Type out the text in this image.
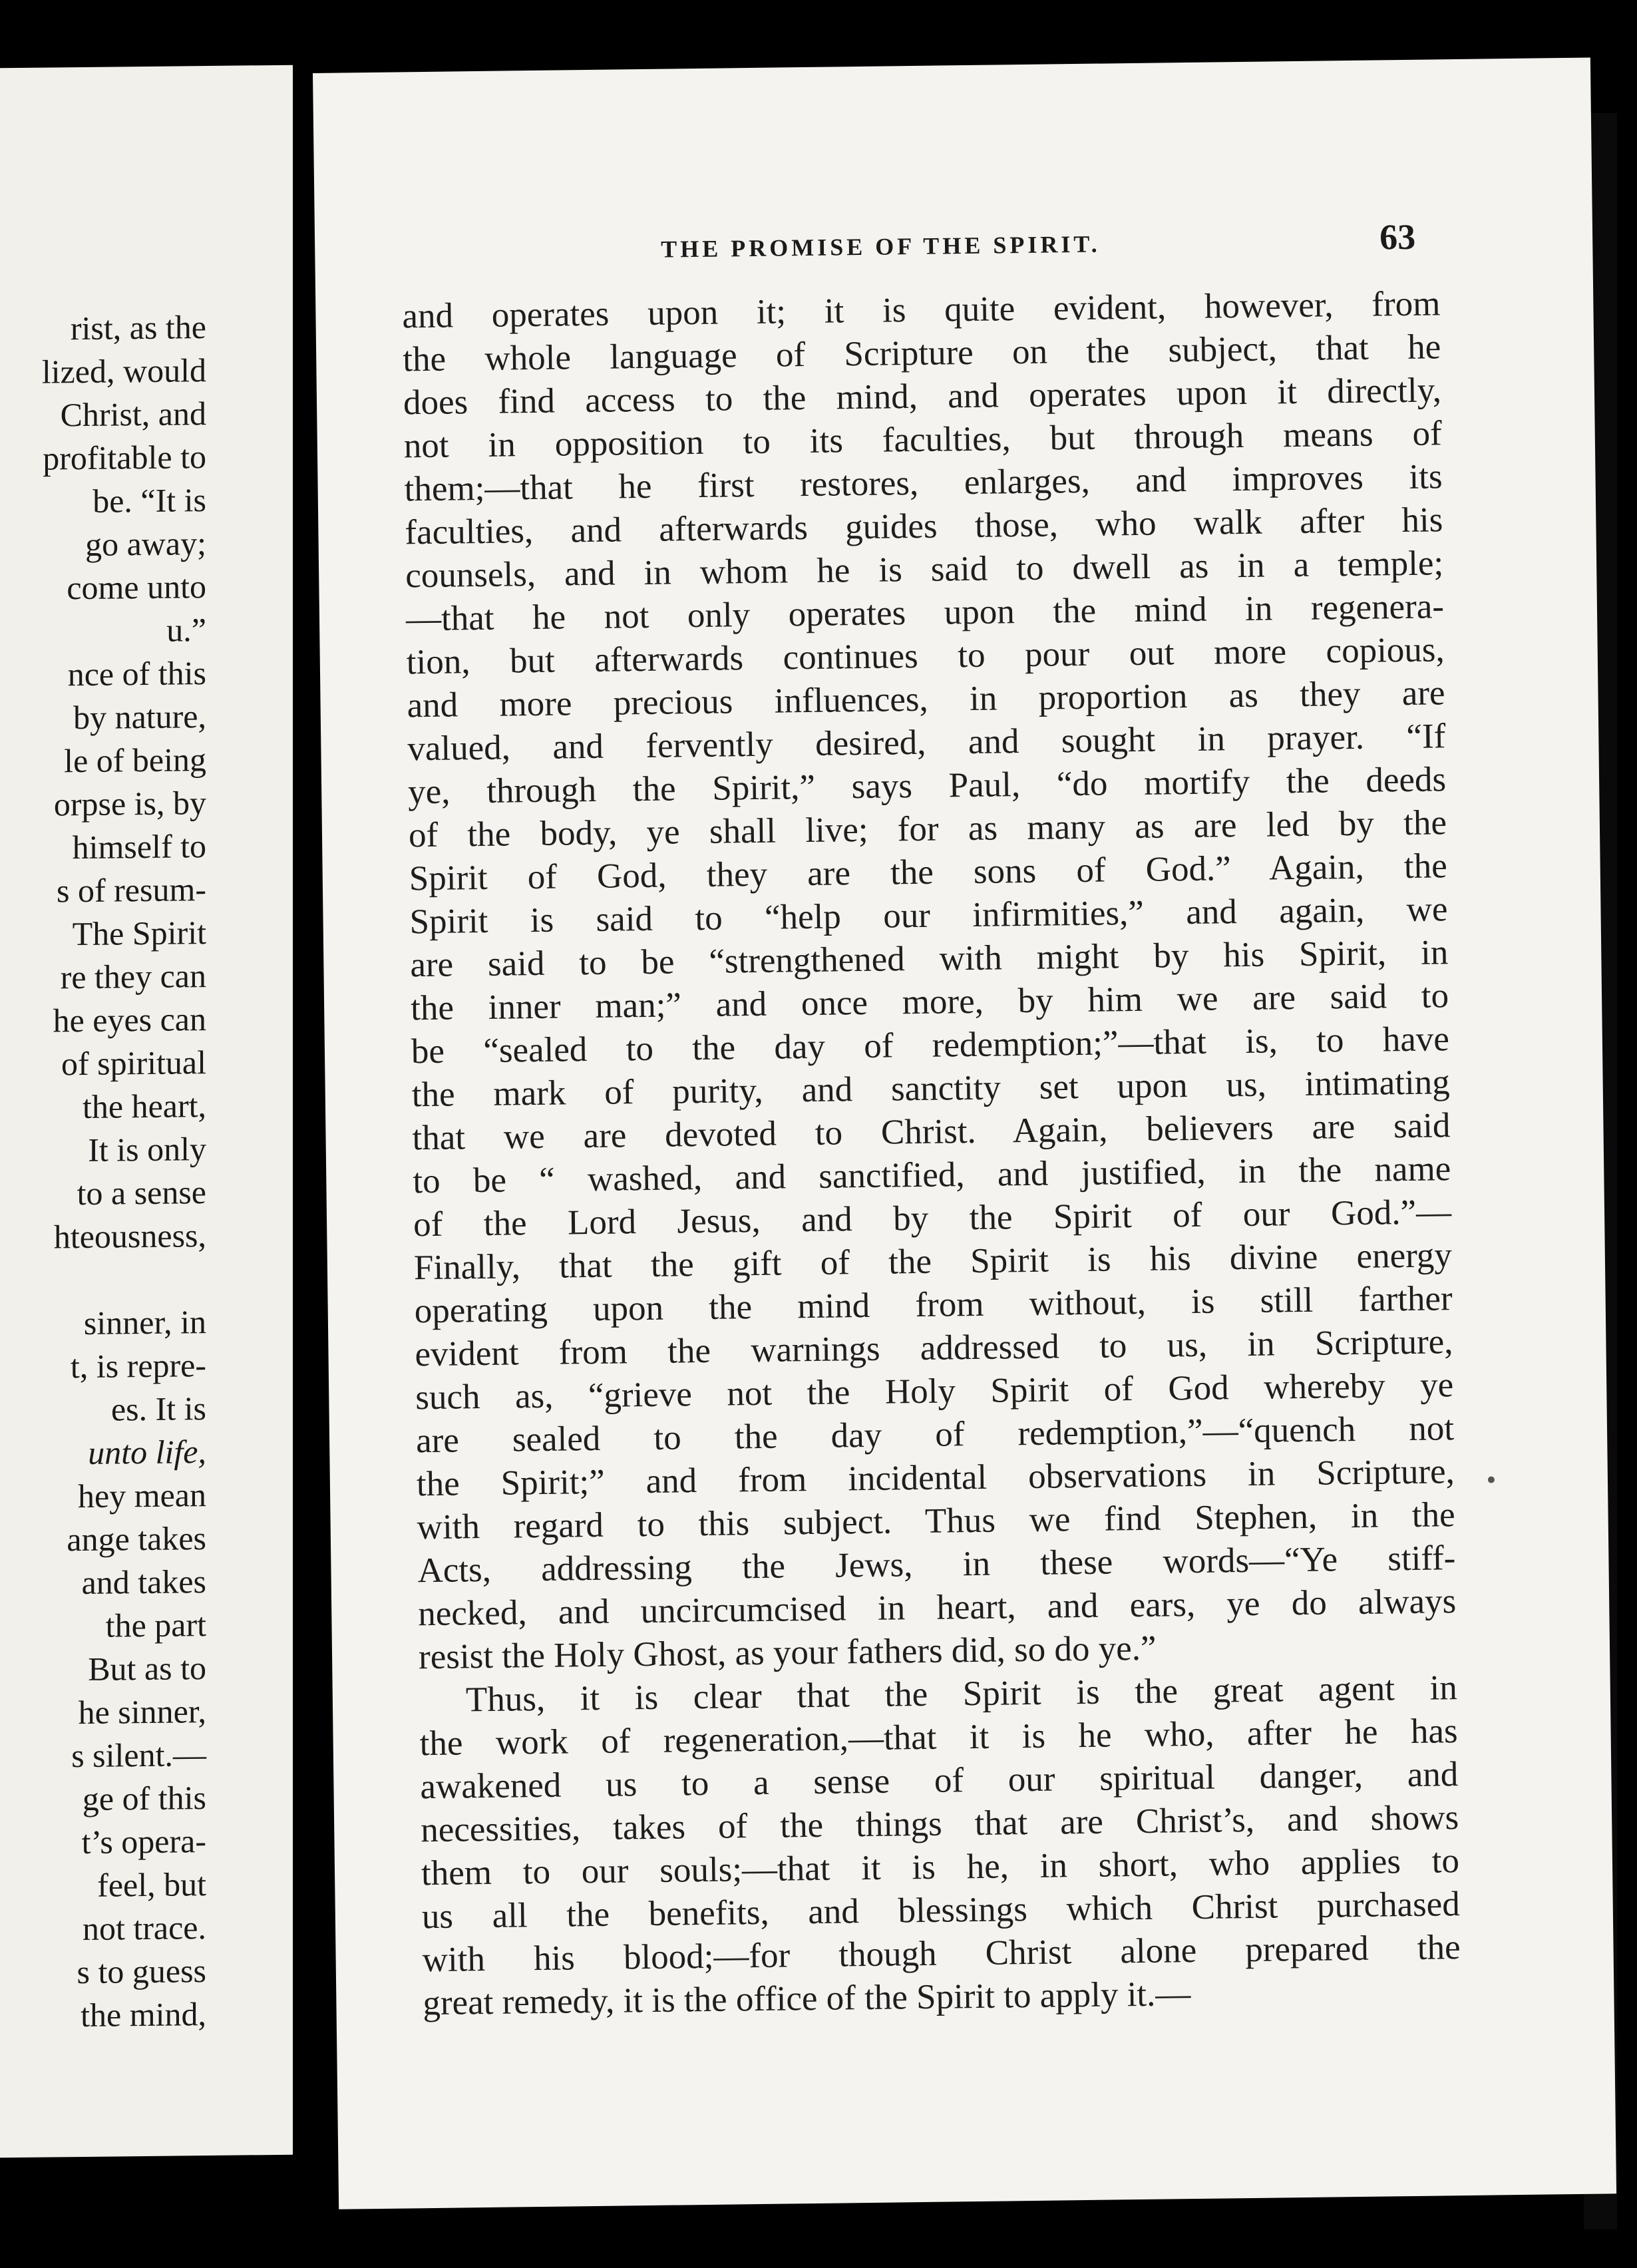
rist, as the
lized, would
Christ, and
profitable to
be. “It is
go away;
come unto
u.”
nce of this
by nature,
le of being
orpse is, by
himself to
s of resum-
The Spirit
re they can
he eyes can
of spiritual
the heart,
It is only
to a sense
hteousness,
sinner, in
t, is repre-
es. It is
unto life,
hey mean
ange takes
and takes
the part
But as to
he sinner,
s silent.—
ge of this
t’s opera-
feel, but
not trace.
s to guess
the mind,
THE PROMISE OF THE SPIRIT.	63
and operates upon it; it is quite evident, however, from
the whole language of Scripture on the subject, that he
does find access to the mind, and operates upon it directly,
not in opposition to its faculties, but through means of
them;—that he first restores, enlarges, and improves its
faculties, and afterwards guides those, who walk after his
counsels, and in whom he is said to dwell as in a temple;
—that he not only operates upon the mind in regenera-
tion, but afterwards continues to pour out more copious,
and more precious influences, in proportion as they are
valued, and fervently desired, and sought in prayer. “If
ye, through the Spirit,” says Paul, “do mortify the deeds
of the body, ye shall live; for as many as are led by the
Spirit of God, they are the sons of God.” Again, the
Spirit is said to “help our infirmities,” and again, we
are said to be “strengthened with might by his Spirit, in
the inner man;” and once more, by him we are said to
be “sealed to the day of redemption;”—that is, to have
the mark of purity, and sanctity set upon us, intimating
that we are devoted to Christ. Again, believers are said
to be “ washed, and sanctified, and justified, in the name
of the Lord Jesus, and by the Spirit of our God.”—
Finally, that the gift of the Spirit is his divine energy
operating upon the mind from without, is still farther
evident from the warnings addressed to us, in Scripture,
such as, “grieve not the Holy Spirit of God whereby ye
are sealed to the day of redemption,”—“quench not
the Spirit;” and from incidental observations in Scripture,
with regard to this subject. Thus we find Stephen, in the
Acts, addressing the Jews, in these words—“Ye stiff-
necked, and uncircumcised in heart, and ears, ye do always
resist the Holy Ghost, as your fathers did, so do ye.”
Thus, it is clear that the Spirit is the great agent in
the work of regeneration,—that it is he who, after he has
awakened us to a sense of our spiritual danger, and
necessities, takes of the things that are Christ’s, and shows
them to our souls;—that it is he, in short, who applies to
us all the benefits, and blessings which Christ purchased
with his blood;—for though Christ alone prepared the
great remedy, it is the office of the Spirit to apply it.—
